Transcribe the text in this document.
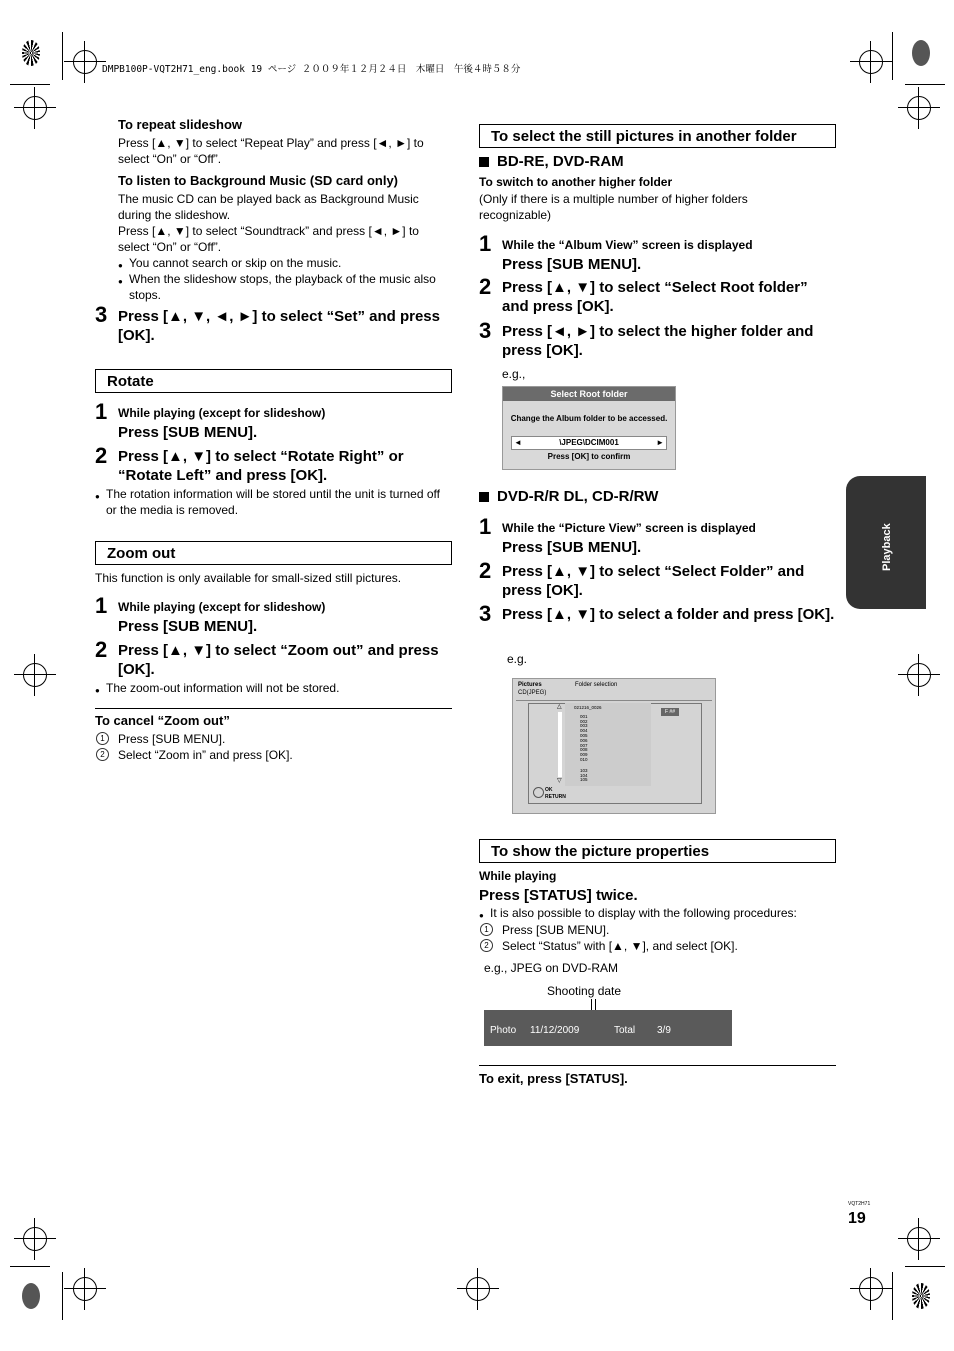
DMPB100P-VQT2H71_eng.book 19 ページ ２００９年１２月２４日　木曜日　午後４時５８分
To repeat slideshow
Press [▲, ▼] to select “Repeat Play” and press [◄, ►] to select “On” or “Off”.
To listen to Background Music (SD card only)
The music CD can be played back as Background Music during the slideshow.
Press [▲, ▼] to select “Soundtrack” and press [◄, ►] to select “On” or “Off”.
● You cannot search or skip on the music.
● When the slideshow stops, the playback of the music also stops.
3 Press [▲, ▼, ◄, ►] to select “Set” and press [OK].
Rotate
1 While playing (except for slideshow)
Press [SUB MENU].
2 Press [▲, ▼] to select “Rotate Right” or “Rotate Left” and press [OK].
● The rotation information will be stored until the unit is turned off or the media is removed.
Zoom out
This function is only available for small-sized still pictures.
1 While playing (except for slideshow)
Press [SUB MENU].
2 Press [▲, ▼] to select “Zoom out” and press [OK].
● The zoom-out information will not be stored.
To cancel “Zoom out”
1	Press [SUB MENU].
2	Select “Zoom in” and press [OK].
To select the still pictures in another folder
BD-RE, DVD-RAM
To switch to another higher folder
(Only if there is a multiple number of higher folders recognizable)
1 While the “Album View” screen is displayed
Press [SUB MENU].
2 Press [▲, ▼] to select “Select Root folder” and press [OK].
3 Press [◄, ►] to select the higher folder and press [OK].
e.g.,
Select Root folder
Change the Album folder to be accessed.
◄	\JPEG\DCIM001	►
Press [OK] to confirm
DVD-R/R DL, CD-R/RW
1 While the “Picture View” screen is displayed
Press [SUB MENU].
2 Press [▲, ▼] to select “Select Folder” and press [OK].
3 Press [▲, ▼] to select a folder and press [OK].
e.g.
Pictures
CD(JPEG)
Folder selection
△
▽
021216_0026
001
002
003
004
005
006
007
008
009
010
103
104
105
F ##
OK
RETURN
To show the picture properties
While playing
Press [STATUS] twice.
● It is also possible to display with the following procedures:
1	Press [SUB MENU].
2	Select “Status” with [▲, ▼], and select [OK].
e.g., JPEG on DVD-RAM
Shooting date
Photo 11/12/2009	Total 3/9
To exit, press [STATUS].
Playback
VQT2H71
19
